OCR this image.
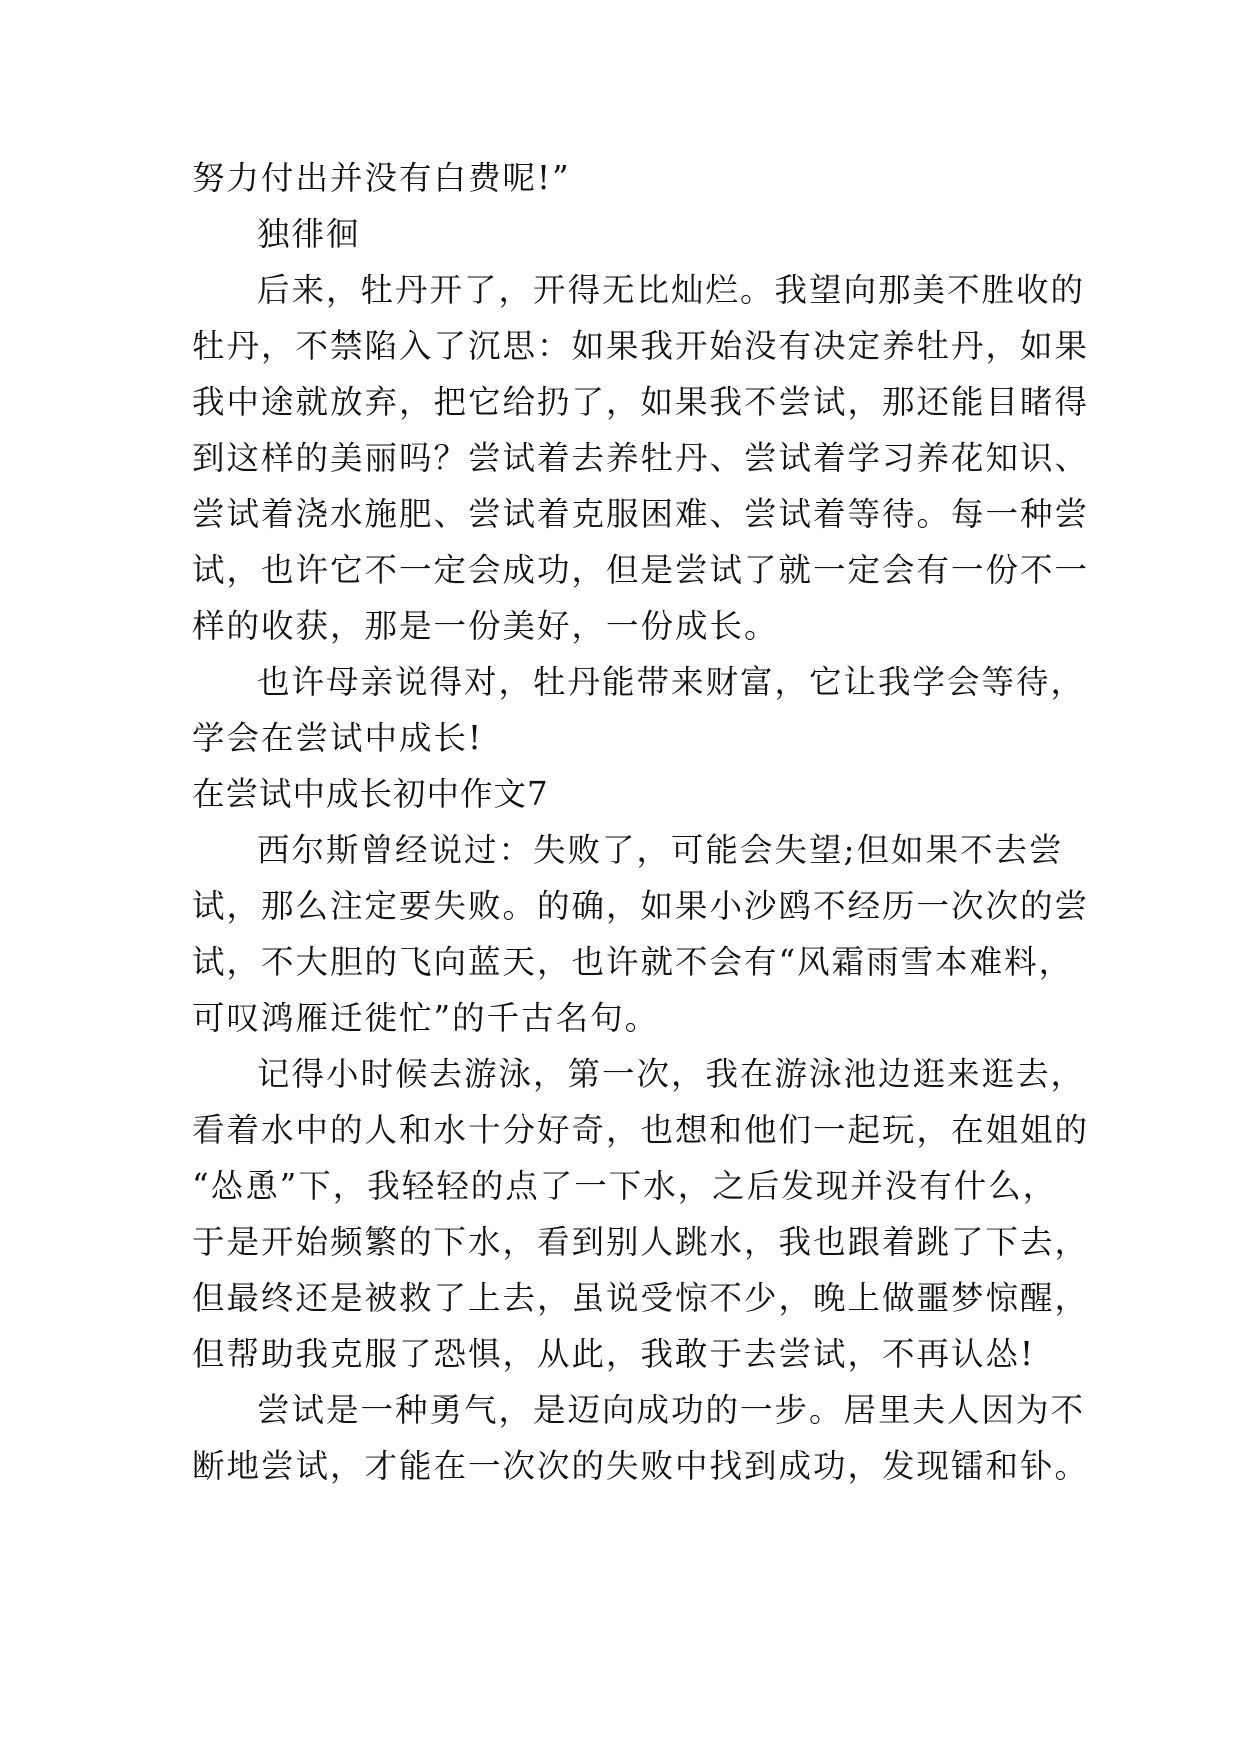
努力付出并没有白费呢!”
独徘徊
后来，牡丹开了，开得无比灿烂。我望向那美不胜收的
牡丹，不禁陷入了沉思：如果我开始没有决定养牡丹，如果
我中途就放弃，把它给扔了，如果我不尝试，那还能目睹得
到这样的美丽吗？尝试着去养牡丹、尝试着学习养花知识、
尝试着浇水施肥、尝试着克服困难、尝试着等待。每一种尝
试，也许它不一定会成功，但是尝试了就一定会有一份不一
样的收获，那是一份美好，一份成长。
也许母亲说得对，牡丹能带来财富，它让我学会等待，
学会在尝试中成长!
在尝试中成长初中作文7
西尔斯曾经说过：失败了，可能会失望;但如果不去尝
试，那么注定要失败。的确，如果小沙鸥不经历一次次的尝
试，不大胆的飞向蓝天，也许就不会有“风霜雨雪本难料，
可叹鸿雁迁徙忙”的千古名句。
记得小时候去游泳，第一次，我在游泳池边逛来逛去，
看着水中的人和水十分好奇，也想和他们一起玩，在姐姐的
“怂恿”下，我轻轻的点了一下水，之后发现并没有什么，
于是开始频繁的下水，看到别人跳水，我也跟着跳了下去，
但最终还是被救了上去，虽说受惊不少，晚上做噩梦惊醒，
但帮助我克服了恐惧，从此，我敢于去尝试，不再认怂!
尝试是一种勇气，是迈向成功的一步。居里夫人因为不
断地尝试，才能在一次次的失败中找到成功，发现镭和钋。
